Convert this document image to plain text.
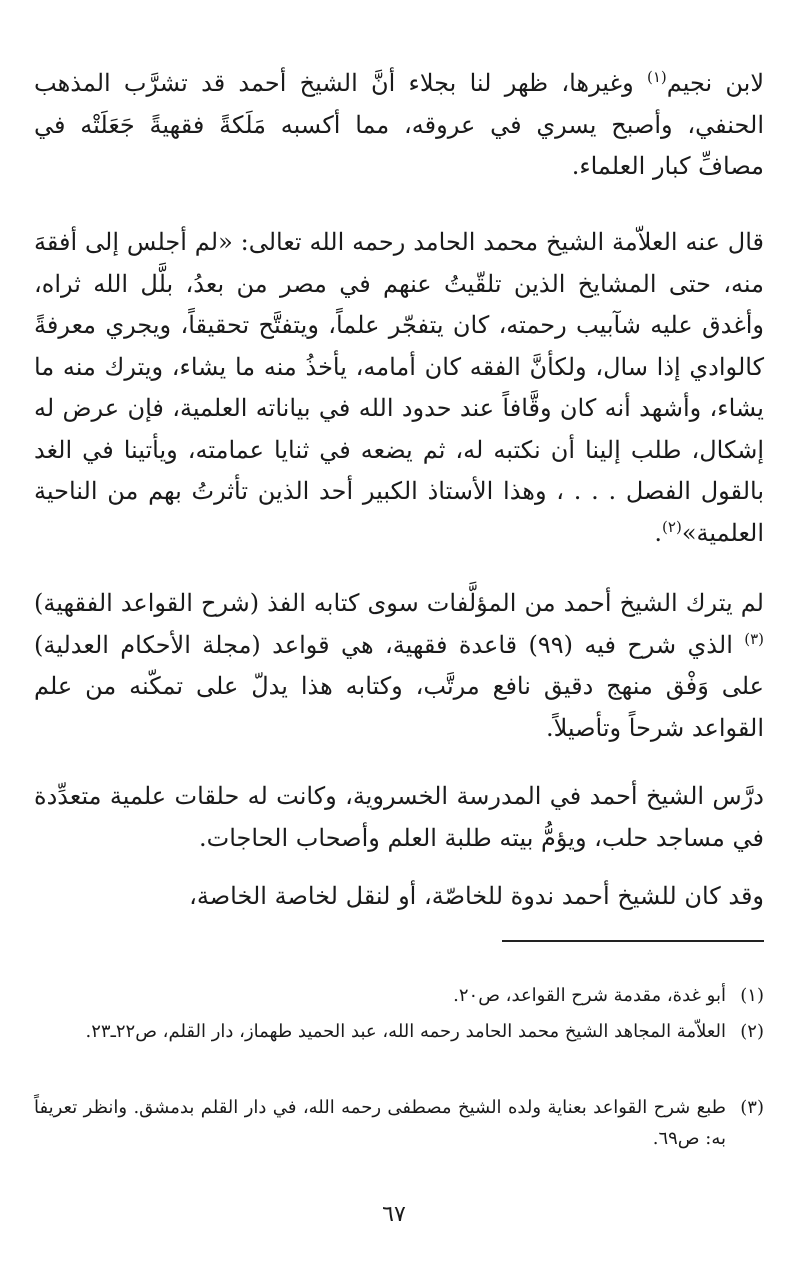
لابن نجيم$^{(١)}$ وغيرها، ظهر لنا بجلاء أنَّ الشيخ أحمد قد تشرَّب المذهب الحنفي، وأصبح يسري في عروقه، مما أكسبه مَلَكةً فقهيةً جَعَلَتْه في مصافِّ كبار العلماء.

قال عنه العلاّمة الشيخ محمد الحامد رحمه الله تعالى: «لم أجلس إلى أفقهَ منه، حتى المشايخ الذين تلقّيتُ عنهم في مصر من بعدُ، بلَّل الله ثراه، وأغدق عليه شآبيب رحمته، كان يتفجّر علماً، ويتفتَّح تحقيقاً، ويجري معرفةً كالوادي إذا سال، ولكأنَّ الفقه كان أمامه، يأخذُ منه ما يشاء، ويترك منه ما يشاء، وأشهد أنه كان وقَّافاً عند حدود الله في بياناته العلمية، فإن عرض له إشكال، طلب إلينا أن نكتبه له، ثم يضعه في ثنايا عمامته، ويأتينا في الغد بالقول الفصل . . . ، وهذا الأستاذ الكبير أحد الذين تأثرتُ بهم من الناحية العلمية»$^{(٢)}$.

لم يترك الشيخ أحمد من المؤلَّفات سوى كتابه الفذ (شرح القواعد الفقهية)$^{(٣)}$ الذي شرح فيه (٩٩) قاعدة فقهية، هي قواعد (مجلة الأحكام العدلية) على وَفْق منهج دقيق نافع مرتَّب، وكتابه هذا يدلّ على تمكّنه من علم القواعد شرحاً وتأصيلاً.

درَّس الشيخ أحمد في المدرسة الخسروية، وكانت له حلقات علمية متعدِّدة في مساجد حلب، ويؤمُّ بيته طلبة العلم وأصحاب الحاجات.

وقد كان للشيخ أحمد ندوة للخاصّة، أو لنقل لخاصة الخاصة،

(١)
أبو غدة، مقدمة شرح القواعد، ص٢٠.
(٢)
العلاّمة المجاهد الشيخ محمد الحامد رحمه الله، عبد الحميد طهماز، دار القلم، ص٢٢ـ٢٣.
(٣)
طبع شرح القواعد بعناية ولده الشيخ مصطفى رحمه الله، في دار القلم بدمشق. وانظر تعريفاً به: ص٦٩.
٦٧
